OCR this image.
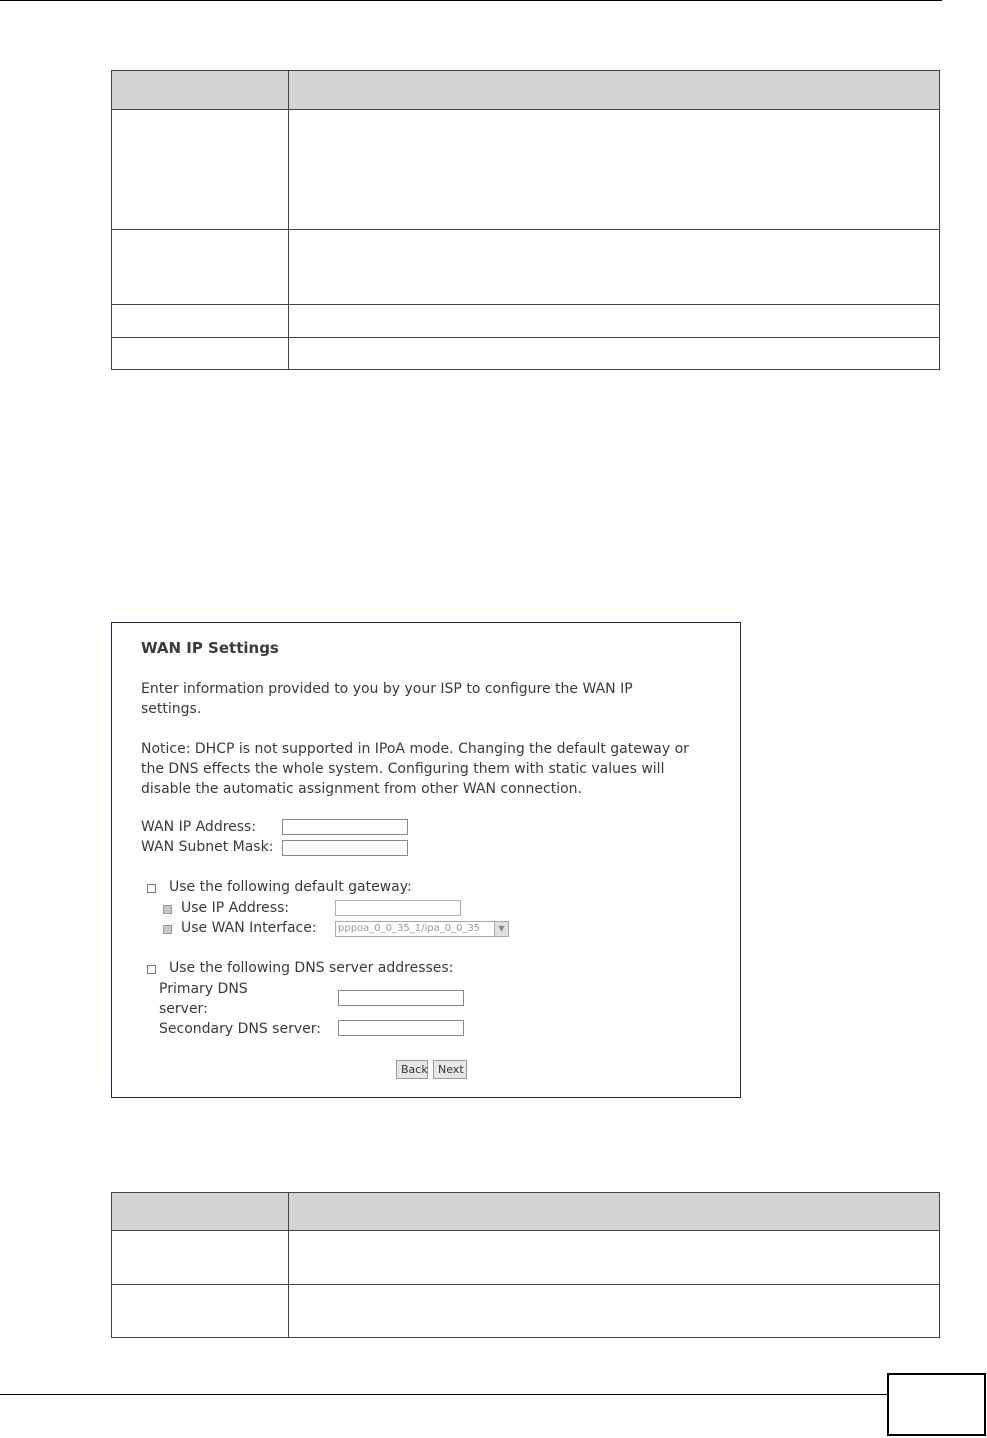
WAN IP Settings
Enter information provided to you by your ISP to configure the WAN IP
settings.
Notice: DHCP is not supported in IPoA mode. Changing the default gateway or
the DNS effects the whole system. Configuring them with static values will
disable the automatic assignment from other WAN connection.
WAN IP Address:
WAN Subnet Mask:
Use the following default gateway:
Use IP Address:
Use WAN Interface:	pppoa_0_0_35_1/ipa_0_0_35	▼
Use the following DNS server addresses:
Primary DNS
server:
Secondary DNS server:
Back Next
